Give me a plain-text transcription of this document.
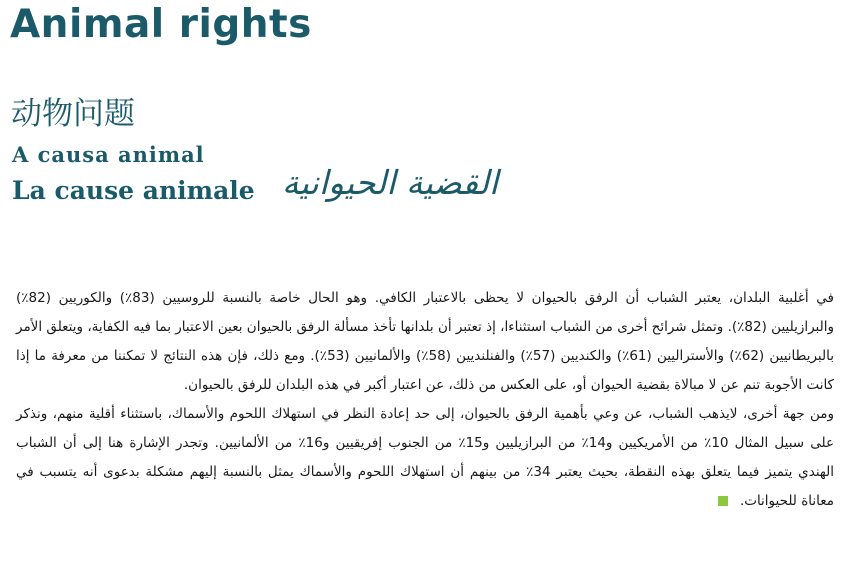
Animal rights
动物问题
A causa animal
La cause animale القضية الحيوانية

في أغلبية البلدان، يعتبر الشباب أن الرفق بالحيوان لا يحظى بالاعتبار الكافي. وهو الحال خاصة بالنسبة للروسيين (83٪) والكوريين (82٪) والبرازيليين (82٪). وتمثل شرائح أخرى من الشباب استثناءا، إذ تعتبر أن بلدانها تأخذ مسألة الرفق بالحيوان بعين الاعتبار بما فيه الكفاية، ويتعلق الأمر بالبريطانيين (62٪) والأستراليين (61٪) والكنديين (57٪) والفنلنديين (58٪) والألمانيين (53٪). ومع ذلك، فإن هذه النتائج لا تمكننا من معرفة ما إذا كانت الأجوبة تنم عن لا مبالاة بقضية الحيوان أو، على العكس من ذلك، عن اعتبار أكبر في هذه البلدان للرفق بالحيوان.

ومن جهة أخرى، لايذهب الشباب، عن وعي بأهمية الرفق بالحيوان، إلى حد إعادة النظر في استهلاك اللحوم والأسماك، باستثناء أقلية منهم، ونذكر على سبيل المثال 10٪ من الأمريكيين و14٪ من البرازيليين و15٪ من الجنوب إفريقيين و16٪ من الألمانيين. وتجدر الإشارة هنا إلى أن الشباب الهندي يتميز فيما يتعلق بهذه النقطة، بحيث يعتبر 34٪ من بينهم أن استهلاك اللحوم والأسماك يمثل بالنسبة إليهم مشكلة بدعوى أنه يتسبب في معاناة للحيوانات.
